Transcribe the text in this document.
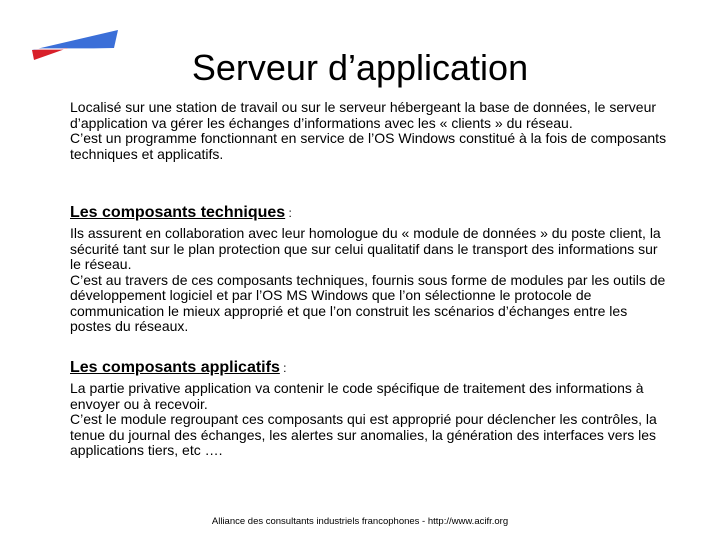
Serveur d’application

Localisé sur une station de travail ou sur le serveur hébergeant la base de données, le serveur d’application va gérer les échanges d’informations avec les « clients » du réseau.

C’est un programme fonctionnant en service de l’OS Windows constitué à la fois de composants techniques et applicatifs.

Les composants techniques :

Ils assurent en collaboration avec leur homologue du « module de données » du poste client, la sécurité tant sur le plan protection que sur celui qualitatif dans le transport des informations sur le réseau.

C’est au travers de ces composants techniques, fournis sous forme de modules par les outils de développement logiciel et par l’OS MS Windows que l’on sélectionne le protocole de communication le mieux approprié et que l’on construit les scénarios d’échanges entre les postes du réseaux.

Les composants applicatifs :

La partie privative application va contenir le code spécifique de traitement des informations à envoyer ou à recevoir.

C’est le module regroupant ces composants qui est approprié pour déclencher les contrôles, la tenue du journal des échanges, les alertes sur anomalies, la génération des interfaces vers les applications tiers, etc ….

Alliance des consultants industriels francophones - http://www.acifr.org
